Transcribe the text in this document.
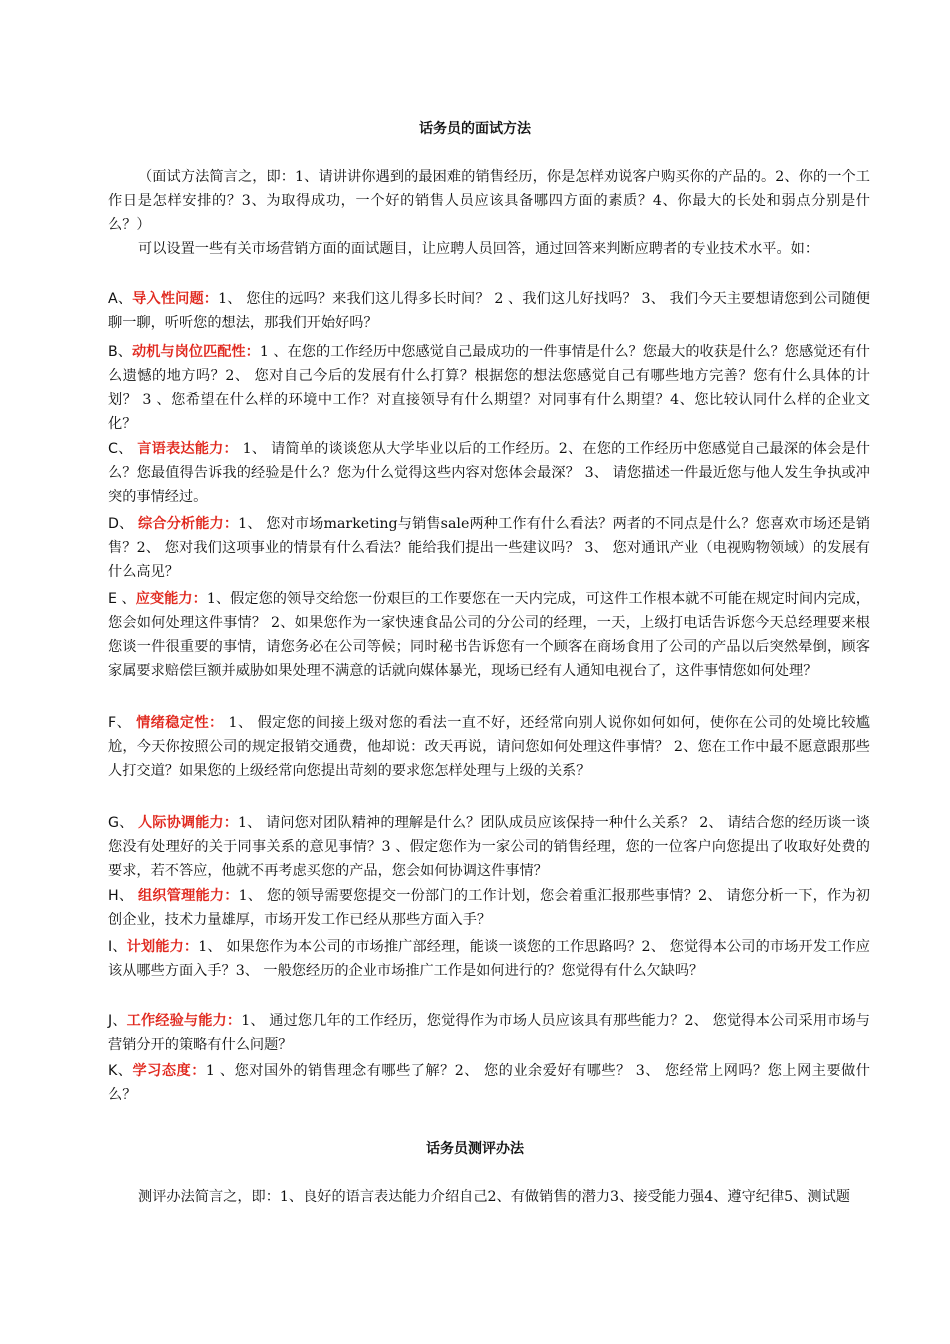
话务员的面试方法

（面试方法简言之，即：1、请讲讲你遇到的最困难的销售经历，你是怎样劝说客户购买你的产品的。2、你的一个工作日是怎样安排的？3、为取得成功，一个好的销售人员应该具备哪四方面的素质？4、你最大的长处和弱点分别是什么？）

可以设置一些有关市场营销方面的面试题目，让应聘人员回答，通过回答来判断应聘者的专业技术水平。如：

A、导入性问题：1、 您住的远吗？来我们这儿得多长时间？ 2 、我们这儿好找吗？ 3、 我们今天主要想请您到公司随便聊一聊，听听您的想法，那我们开始好吗？

B、动机与岗位匹配性：1 、在您的工作经历中您感觉自己最成功的一件事情是什么？您最大的收获是什么？您感觉还有什么遗憾的地方吗？2、 您对自己今后的发展有什么打算？根据您的想法您感觉自己有哪些地方完善？您有什么具体的计划？ 3 、您希望在什么样的环境中工作？对直接领导有什么期望？对同事有什么期望？4、您比较认同什么样的企业文化？

C、 言语表达能力： 1、 请简单的谈谈您从大学毕业以后的工作经历。2、在您的工作经历中您感觉自己最深的体会是什么？您最值得告诉我的经验是什么？您为什么觉得这些内容对您体会最深？ 3、 请您描述一件最近您与他人发生争执或冲突的事情经过。

D、 综合分析能力：1、 您对市场marketing与销售sale两种工作有什么看法？两者的不同点是什么？您喜欢市场还是销售？2、 您对我们这项事业的情景有什么看法？能给我们提出一些建议吗？ 3、 您对通讯产业（电视购物领域）的发展有什么高见？

E 、应变能力：1、假定您的领导交给您一份艰巨的工作要您在一天内完成，可这件工作根本就不可能在规定时间内完成，您会如何处理这件事情？ 2、如果您作为一家快速食品公司的分公司的经理，一天，上级打电话告诉您今天总经理要来根您谈一件很重要的事情，请您务必在公司等候；同时秘书告诉您有一个顾客在商场食用了公司的产品以后突然晕倒，顾客家属要求赔偿巨额并威胁如果处理不满意的话就向媒体暴光，现场已经有人通知电视台了，这件事情您如何处理？

F、 情绪稳定性： 1、 假定您的间接上级对您的看法一直不好，还经常向别人说你如何如何，使你在公司的处境比较尴尬，今天你按照公司的规定报销交通费，他却说：改天再说，请问您如何处理这件事情？ 2、您在工作中最不愿意跟那些人打交道？如果您的上级经常向您提出苛刻的要求您怎样处理与上级的关系？

G、 人际协调能力：1、 请问您对团队精神的理解是什么？团队成员应该保持一种什么关系？ 2、 请结合您的经历谈一谈您没有处理好的关于同事关系的意见事情？3 、假定您作为一家公司的销售经理，您的一位客户向您提出了收取好处费的要求，若不答应，他就不再考虑买您的产品，您会如何协调这件事情？

H、 组织管理能力：1、 您的领导需要您提交一份部门的工作计划，您会着重汇报那些事情？2、 请您分析一下，作为初创企业，技术力量雄厚，市场开发工作已经从那些方面入手？

I、计划能力：1、 如果您作为本公司的市场推广部经理，能谈一谈您的工作思路吗？2、 您觉得本公司的市场开发工作应该从哪些方面入手？3、 一般您经历的企业市场推广工作是如何进行的？您觉得有什么欠缺吗？

J、工作经验与能力：1、 通过您几年的工作经历，您觉得作为市场人员应该具有那些能力？2、 您觉得本公司采用市场与营销分开的策略有什么问题？

K、学习态度：1 、您对国外的销售理念有哪些了解？2、 您的业余爱好有哪些？ 3、 您经常上网吗？您上网主要做什么？

话务员测评办法

测评办法简言之，即：1、良好的语言表达能力介绍自己2、有做销售的潜力3、接受能力强4、遵守纪律5、测试题
